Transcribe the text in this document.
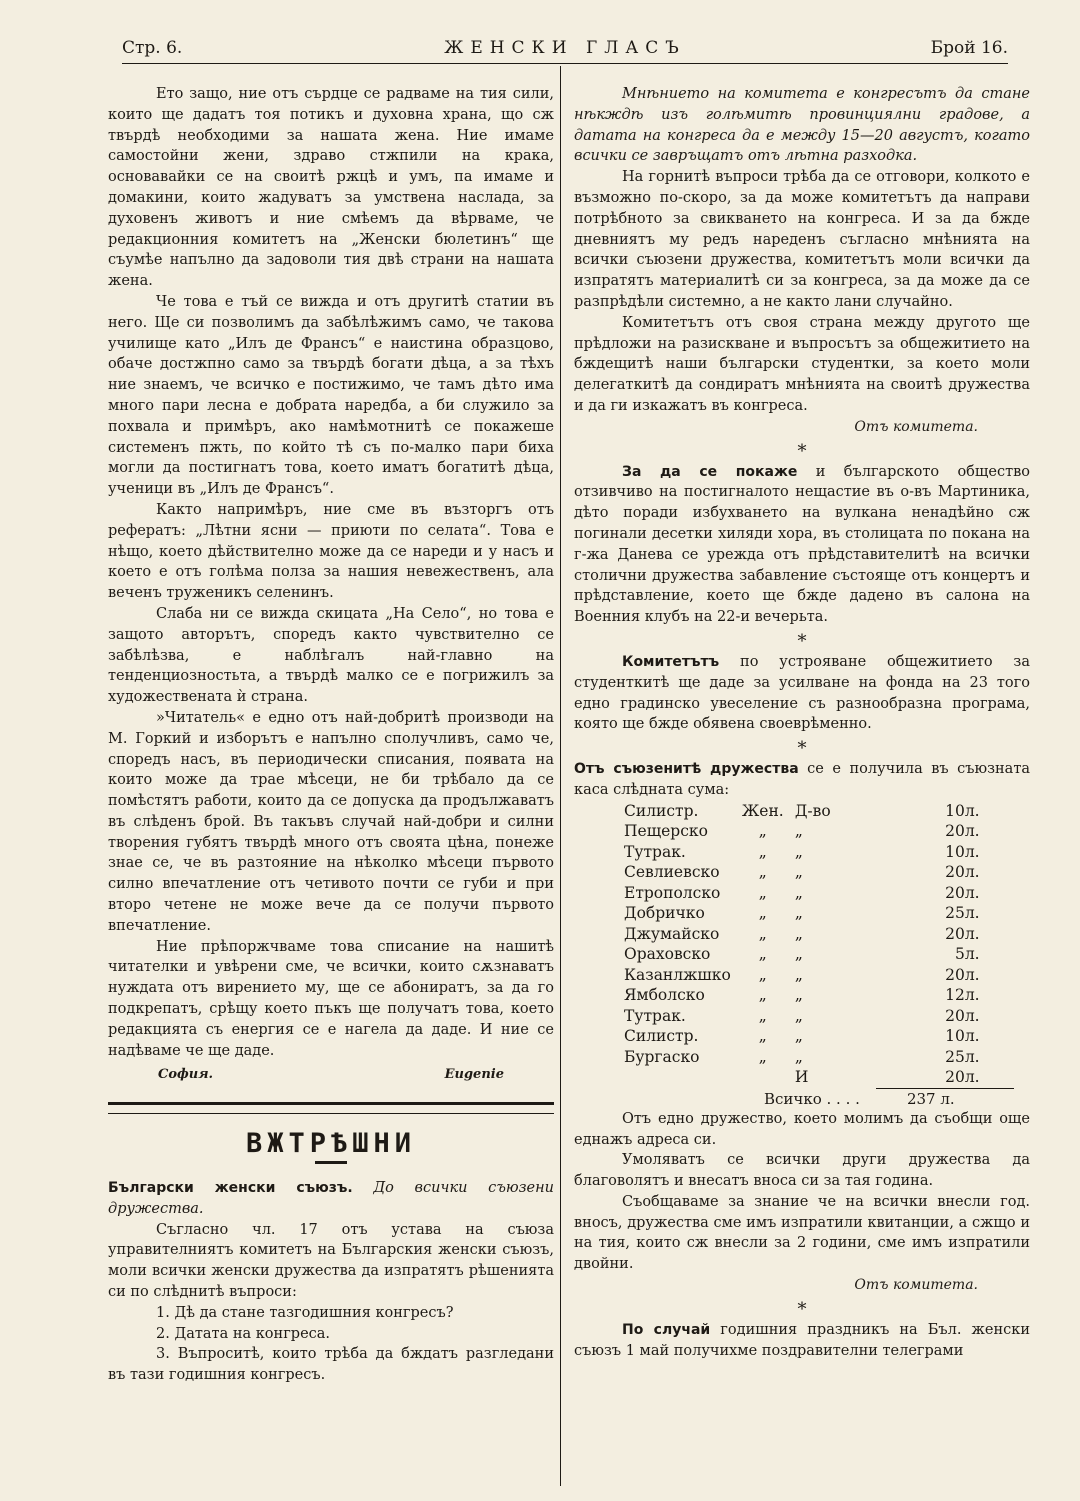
Стр. 6.	ЖЕНСКИ ГЛАСЪ	Брой 16.

Ето защо, ние отъ сърдце се радваме на тия сили, които ще дадатъ тоя потикъ и духовна храна, що сж твърдѣ необходими за нашата жена. Ние имаме самостойни жени, здраво стжпили на крака, основавайки се на своитѣ ржцѣ и умъ, па имаме и домакини, които жадуватъ за умствена наслада, за духовенъ животъ и ние смѣемъ да вѣрваме, че редакционния комитетъ на „Женски бюлетинъ“ ще съумѣе напълно да задоволи тия двѣ страни на нашата жена.

Че това е тъй се вижда и отъ другитѣ статии въ него. Ще си позволимъ да забѣлѣжимъ само, че такова училище като „Илъ де Франсъ“ е наистина образцово, обаче достжпно само за твърдѣ богати дѣца, а за тѣхъ ние знаемъ, че всичко е постижимо, че тамъ дѣто има много пари лесна е добрата наредба, а би служило за похвала и примѣръ, ако намѣмотнитѣ се покажеше системенъ пжть, по който тѣ съ по-малко пари биха могли да постигнатъ това, което иматъ богатитѣ дѣца, ученици въ „Илъ де Франсъ“.

Както напримѣръ, ние сме въ възторгъ отъ рефератъ: „Лѣтни ясни — приюти по селата“. Това е нѣщо, което дѣйствително може да се нареди и у насъ и което е отъ голѣма полза за нашия невежественъ, ала веченъ труженикъ селенинъ.

Слаба ни се вижда скицата „На Село“, но това е защото авторътъ, споредъ както чувствително се забѣлѣзва, е наблѣгалъ най-главно на тенденциозностьта, а твърдѣ малко се е погрижилъ за художествената ѝ страна.

»Читатель« е едно отъ най-добритѣ производи на М. Горкий и изборътъ е напълно сполучливъ, само че, споредъ насъ, въ периодически списания, появата на които може да трае мѣсеци, не би трѣбало да се помѣстятъ работи, които да се допуска да продължаватъ въ слѣденъ брой. Въ такъвъ случай най-добри и силни творения губятъ твърдѣ много отъ своята цѣна, понеже знае се, че въ разтояние на нѣколко мѣсеци първото силно впечатление отъ четивото почти се губи и при второ четене не може вече да се получи първото впечатление.

Ние прѣпоржчваме това списание на нашитѣ читателки и увѣрени сме, че всички, които сѫзнаватъ нуждата отъ вирението му, ще се абониратъ, за да го подкрепатъ, срѣщу което пъкъ ще получатъ това, което редакцията съ енергия се е нагела да даде. И ние се надѣваме че ще даде.

София.	Eugenie
ВЖТРѢШНИ

Български женски съюзъ. До всички съюзени дружества.

Съгласно чл. 17 отъ устава на съюза управителниятъ комитетъ на Българския женски съюзъ, моли всички женски дружества да изпратятъ рѣшенията си по слѣднитѣ въпроси:

1. Дѣ да стане тазгодишния конгресъ?

2. Датата на конгреса.

3. Въпроситѣ, които трѣба да бждатъ разгледани въ тази годишния конгресъ.

Мнѣнието на комитета е конгресътъ да стане нѣкждѣ изъ голѣмитѣ провинциялни градове, а датата на конгреса да е между 15—20 августъ, когато всички се завръщатъ отъ лѣтна разходка.

На горнитѣ въпроси трѣба да се отговори, колкото е възможно по-скоро, за да може комитетътъ да направи потрѣбното за свикването на конгреса. И за да бжде дневниятъ му редъ нареденъ съгласно мнѣнията на всички съюзени дружества, комитетътъ моли всички да изпратятъ материалитѣ си за конгреса, за да може да се разпрѣдѣли системно, а не както лани случайно.

Комитетътъ отъ своя страна между другото ще прѣдложи на разискване и въпросътъ за общежитието на бждещитѣ наши български студентки, за което моли делегаткитѣ да сондиратъ мнѣнията на своитѣ дружества и да ги изкажатъ въ конгреса.

Отъ комитета.
*

За да се покаже и българското общество отзивчиво на постигналото нещастие въ о-въ Мартиника, дѣто поради избухването на вулкана ненадѣйно сж погинали десетки хиляди хора, въ столицата по покана на г-жа Данева се урежда отъ прѣдставителитѣ на всички столични дружества забавление състояще отъ концертъ и прѣдставление, което ще бжде дадено въ салона на Военния клубъ на 22-и вечерьта.

*

Комитетътъ по устрояване общежитиетo за студенткитѣ ще даде за усилване на фонда на 23 того едно градинско увеселение съ разнообразна програма, която ще бжде обявена своеврѣменно.

*

Отъ съюзенитѣ дружества се е получила въ съюзната каса слѣдната сума:

Силистр.	Жен.	Д-во	10	л.
Пещерско	„	„	20	л.
Тутрак.	„	„	10	л.
Севлиевско	„	„	20	л.
Етрополско	„	„	20	л.
Добричко	„	„	25	л.
Джумайско	„	„	20	л.
Ораховско	„	„	5	л.
Казанлжшко	„	„	20	л.
Ямболско	„	„	12	л.
Тутрак.	„	„	20	л.
Силистр.	„	„	10	л.
Бургаско	„	„	25	л.
		И	20	л.
Всичко . . . .	237 л.

Отъ едно дружество, което молимъ да съобщи още еднажъ адреса си.

Умоляватъ се всички други дружества да благоволятъ и внесатъ вноса си за тая година.

Съобщаваме за знание че на всички внесли год. вносъ, дружества сме имъ изпратили квитанции, а сжщо и на тия, които сж внесли за 2 години, сме имъ изпратили двойни.

Отъ комитета.
*

По случай годишния праздникъ на Бъл. женски съюзъ 1 май получихме поздравителни телеграми
